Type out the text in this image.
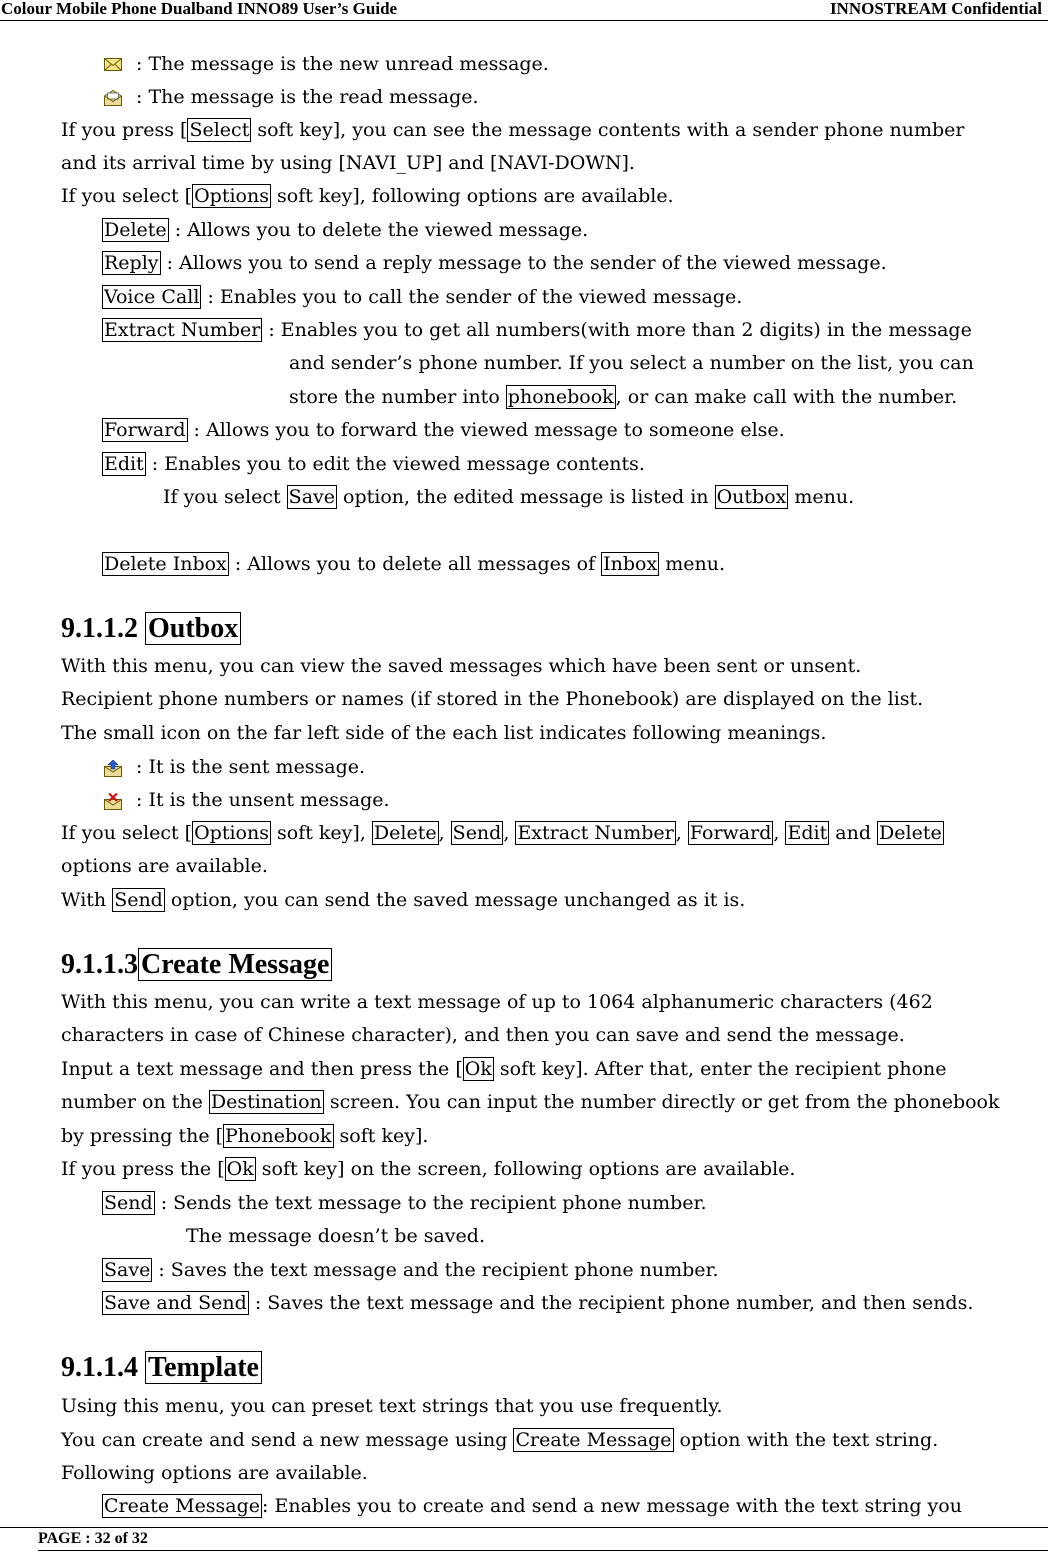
Colour Mobile Phone Dualband INNO89 User’s Guide	INNOSTREAM Confidential
: The message is the new unread message.
: The message is the read message.
If you press [ Select soft key], you can see the message contents with a sender phone number
and its arrival time by using [NAVI_UP] and [NAVI-DOWN].
If you select [ Options soft key], following options are available.
Delete : Allows you to delete the viewed message.
Reply : Allows you to send a reply message to the sender of the viewed message.
Voice Call : Enables you to call the sender of the viewed message.
Extract Number : Enables you to get all numbers(with more than 2 digits) in the message
and sender’s phone number. If you select a number on the list, you can
store the number into phonebook , or can make call with the number.
Forward : Allows you to forward the viewed message to someone else.
Edit : Enables you to edit the viewed message contents.
If you select Save option, the edited message is listed in Outbox menu.
Delete Inbox : Allows you to delete all messages of Inbox menu.
9.1.1.2 Outbox
With this menu, you can view the saved messages which have been sent or unsent.
Recipient phone numbers or names (if stored in the Phonebook) are displayed on the list.
The small icon on the far left side of the each list indicates following meanings.
: It is the sent message.
: It is the unsent message.
If you select [ Options soft key], Delete , Send , Extract Number , Forward , Edit and Delete
options are available.
With Send option, you can send the saved message unchanged as it is.
9.1.1.3 Create Message
With this menu, you can write a text message of up to 1064 alphanumeric characters (462
characters in case of Chinese character), and then you can save and send the message.
Input a text message and then press the [ Ok soft key]. After that, enter the recipient phone
number on the Destination screen. You can input the number directly or get from the phonebook
by pressing the [ Phonebook soft key].
If you press the [ Ok soft key] on the screen, following options are available.
Send : Sends the text message to the recipient phone number.
The message doesn’t be saved.
Save : Saves the text message and the recipient phone number.
Save and Send : Saves the text message and the recipient phone number, and then sends.
9.1.1.4 Template
Using this menu, you can preset text strings that you use frequently.
You can create and send a new message using Create Message option with the text string.
Following options are available.
Create Message : Enables you to create and send a new message with the text string you
PAGE : 32 of 32
